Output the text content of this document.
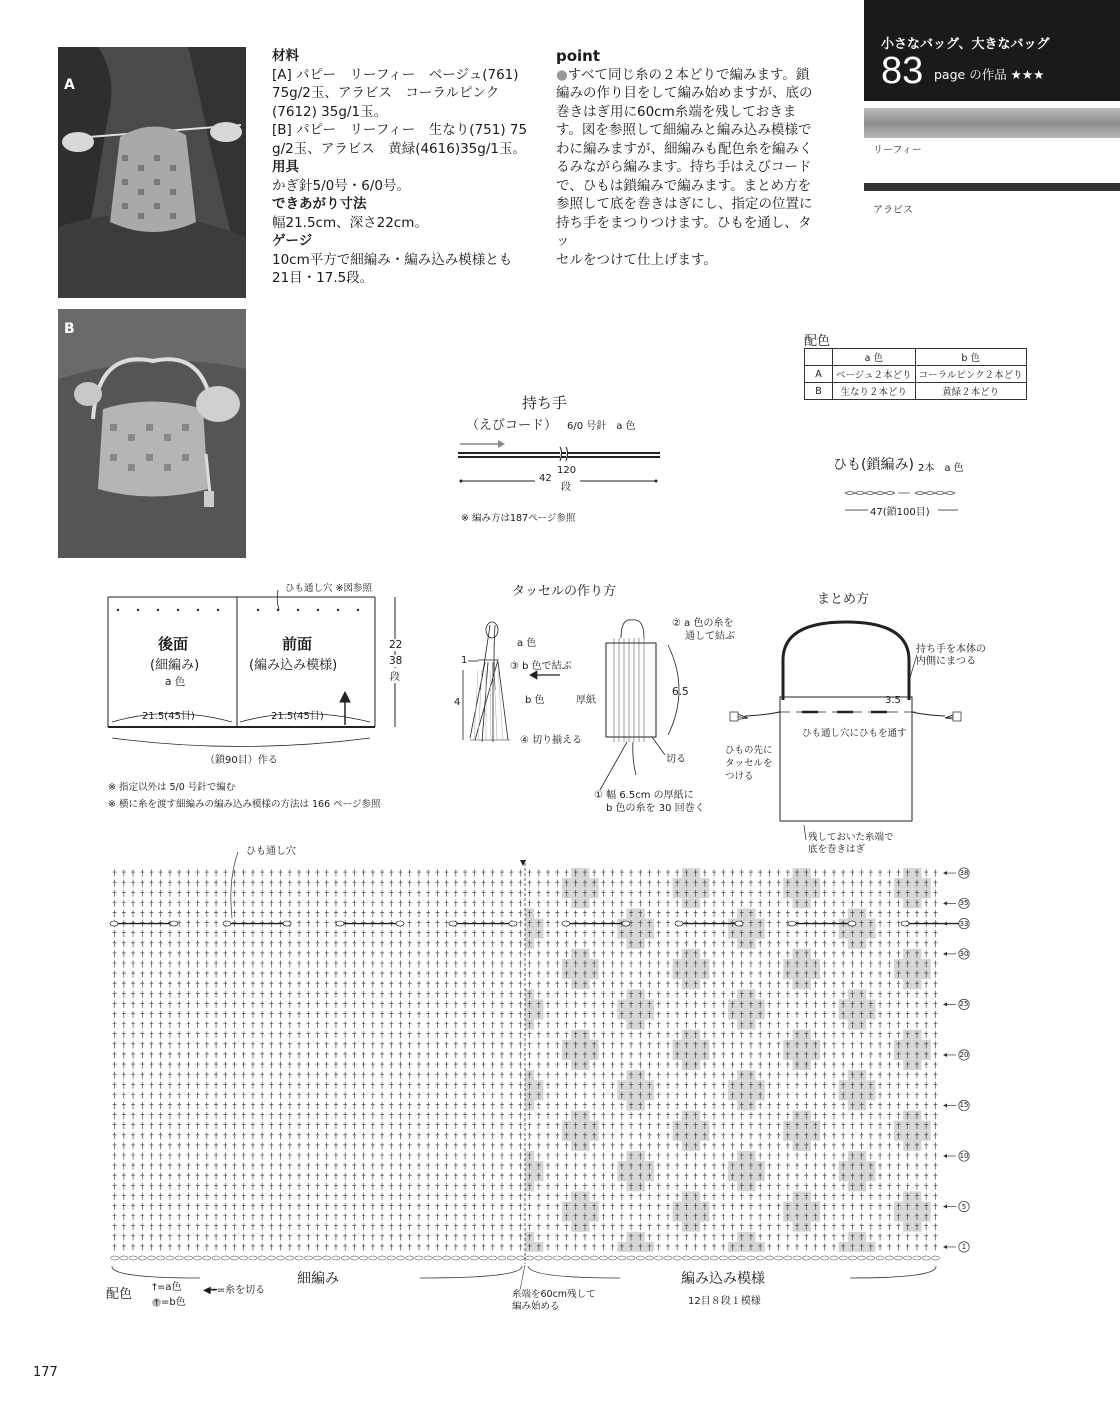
A
B
材料
[A] パピー　リーフィー　ベージュ(761)
75g/2玉、アラビス　コーラルピンク
(7612) 35g/1玉。
[B] パピー　リーフィー　生なり(751) 75
g/2玉、アラビス　黄緑(4616)35g/1玉。
用具
かぎ針5/0号・6/0号。
できあがり寸法
幅21.5cm、深さ22cm。
ゲージ
10cm平方で細編み・編み込み模様とも
21目・17.5段。
point
●すべて同じ糸の２本どりで編みます。鎖
編みの作り目をして編み始めますが、底の
巻きはぎ用に60cm糸端を残しておきま
す。図を参照して細編みと編み込み模様で
わに編みますが、細編みも配色糸を編みく
るみながら編みます。持ち手はえびコード
で、ひもは鎖編みで編みます。まとめ方を
参照して底を巻きはぎにし、指定の位置に
持ち手をまつりつけます。ひもを通し、タッ
セルをつけて仕上げます。
小さなバッグ、大きなバッグ
83 page の作品 ★★★
リーフィー
アラビス
配色
	a 色	b 色
A	ベージュ２本どり	コーラルピンク２本どり
B	生なり２本どり	黄緑２本どり
持ち手
（えびコード） 6/0 号針　a 色
42
120
段
※ 編み方は187ページ参照
ひも(鎖編み) 2本　a 色
47(鎖100目)
ひも通し穴 ※図参照
後面
(細編み)
a 色
前面
(編み込み模様)
21.5(45目)	21.5(45目)
22
38
段
（鎖90目）作る
※ 指定以外は 5/0 号針で編む
※ 横に糸を渡す細編みの編み込み模様の方法は 166 ページ参照
タッセルの作り方
a 色
③ b 色で結ぶ
b 色
④ 切り揃える
1
4
② a 色の糸を
通して結ぶ
厚紙
6.5
切る
① 幅 6.5cm の厚紙に
b 色の糸を 30 回巻く
まとめ方
持ち手を本体の
内側にまつる
3.5
ひも通し穴にひもを通す
ひもの先に
タッセルを
つける
残しておいた糸端で
底を巻きはぎ
ひも通し穴
細編み	編み込み模様
12目８段１模様
糸端を60cm残して
編み始める
配色 †=a色
† =b色
◀━=糸を切る
38
35
33
30
25
20
15
10
5
1
177
